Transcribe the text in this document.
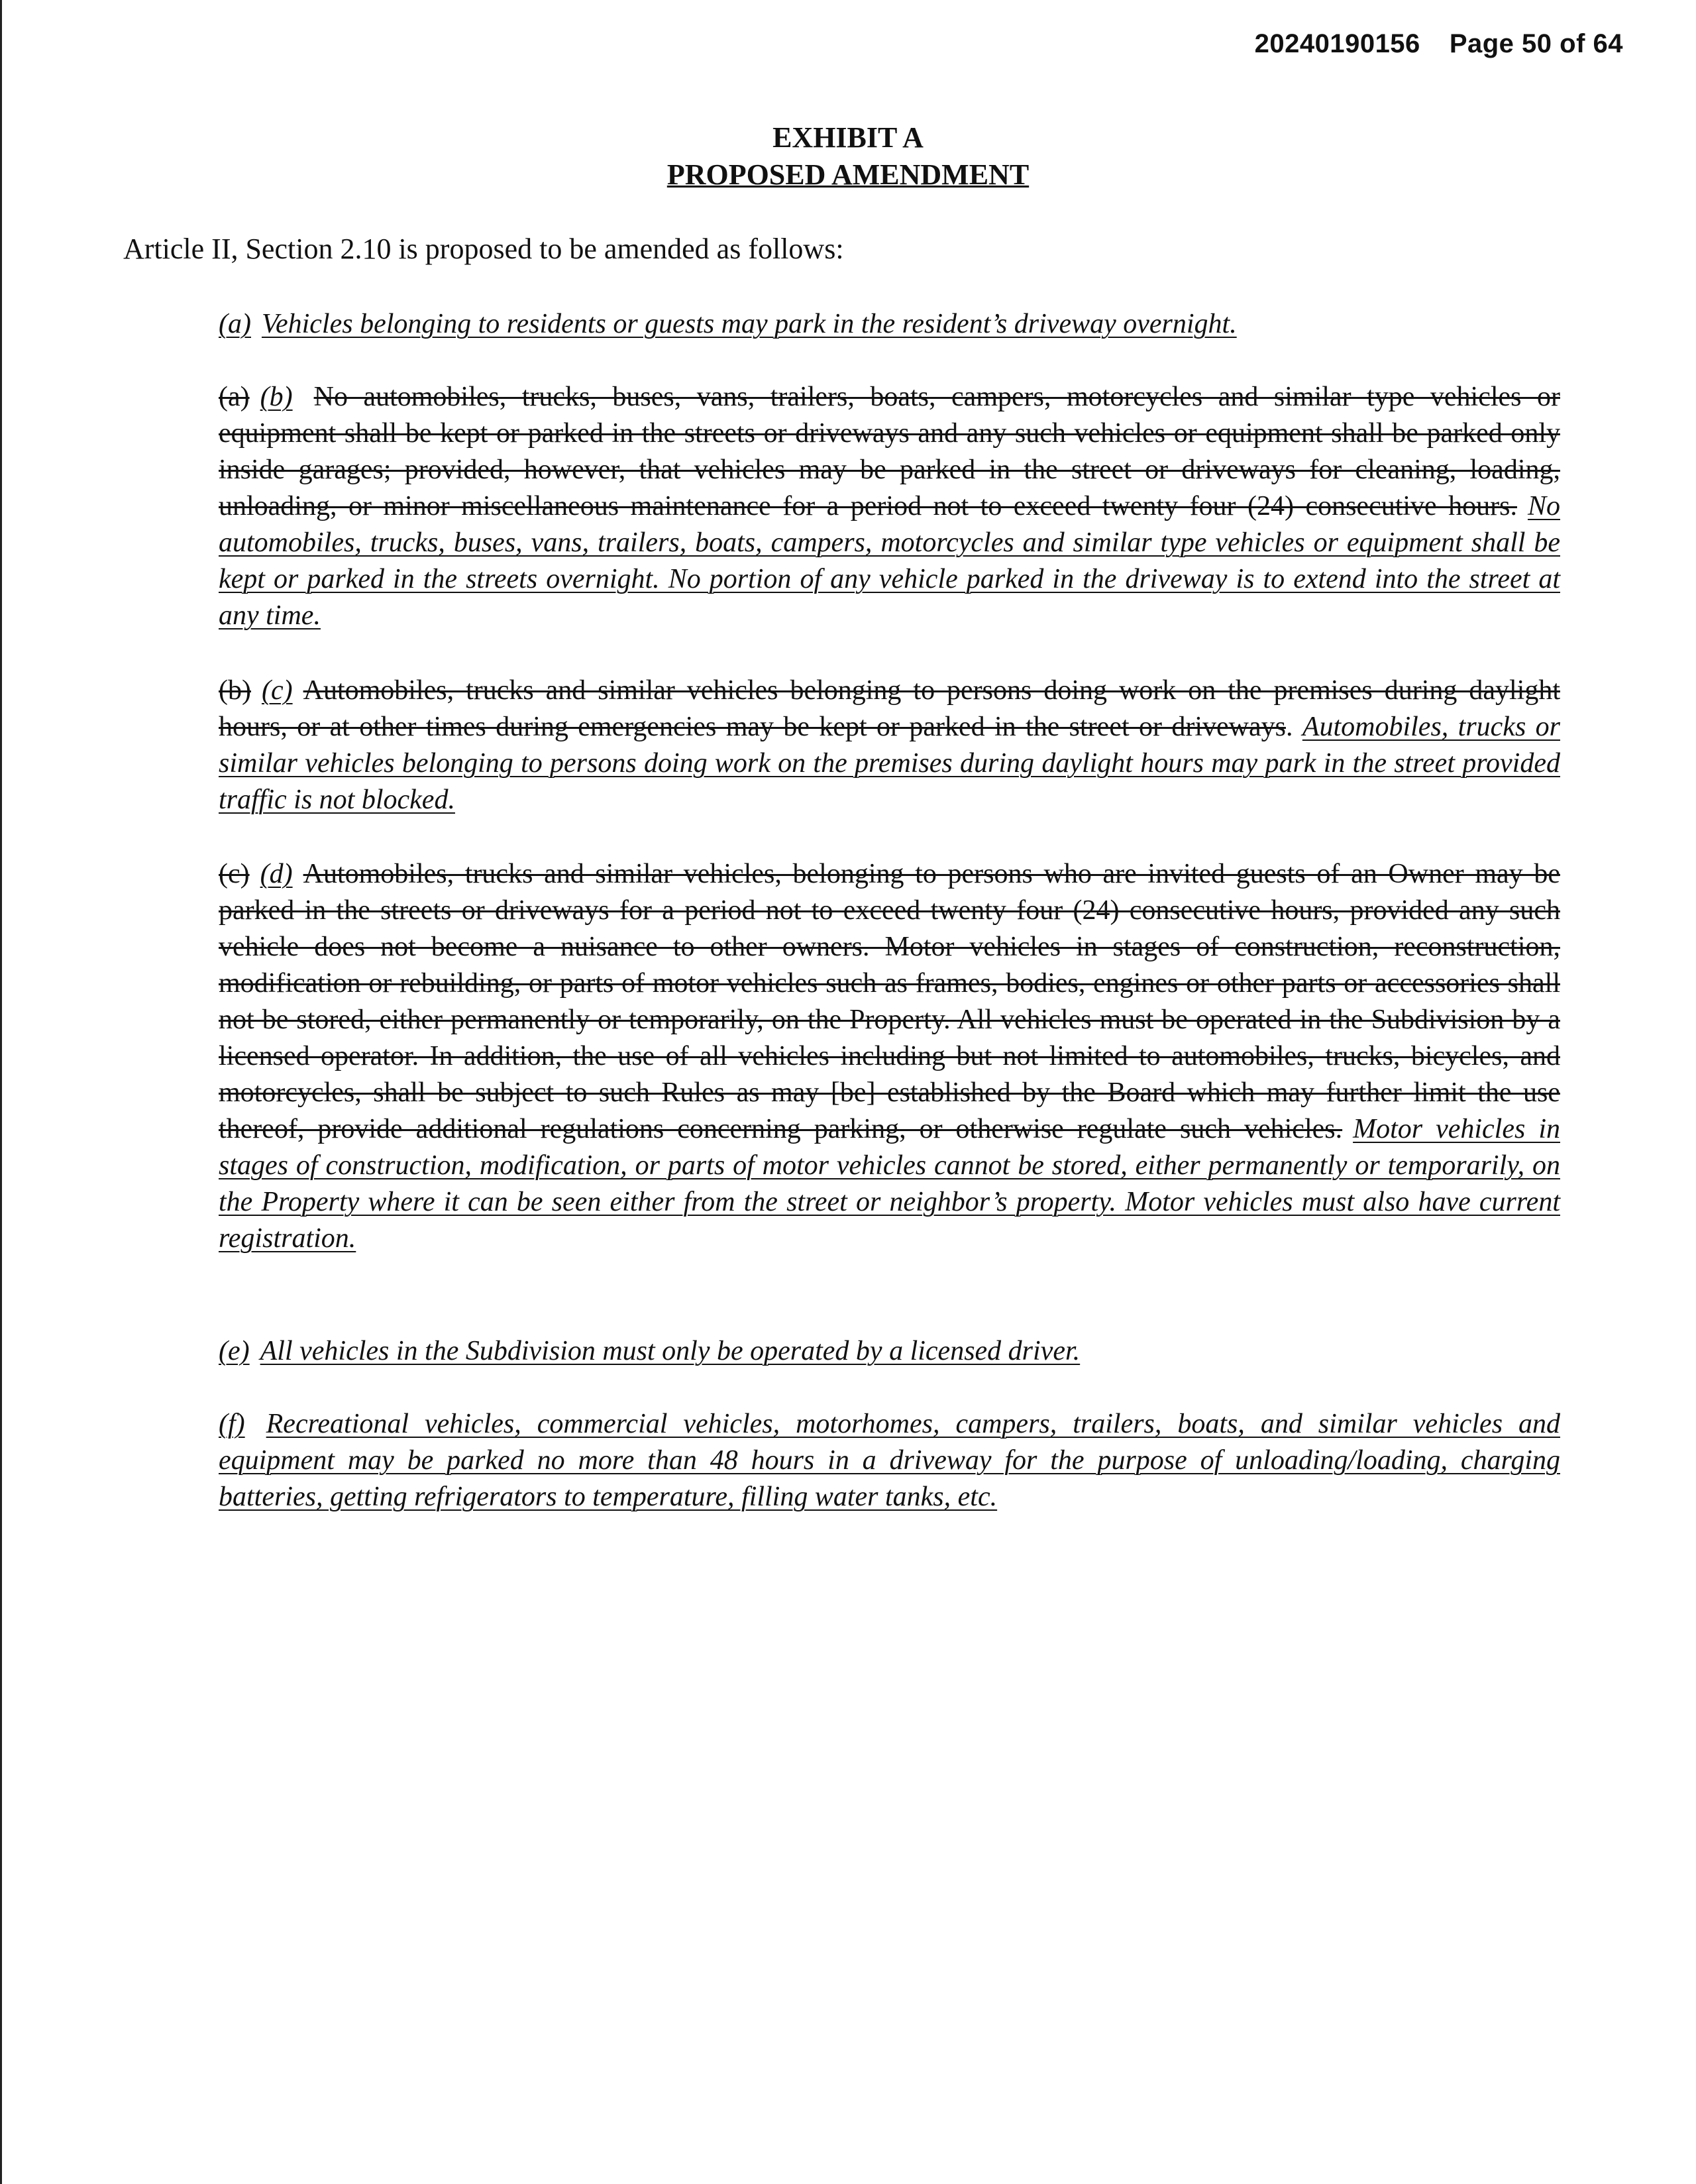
20240190156 Page 50 of 64
EXHIBIT A
PROPOSED AMENDMENT
Article II, Section 2.10 is proposed to be amended as follows:
(a) Vehicles belonging to residents or guests may park in the resident’s driveway overnight.
(a) (b) No automobiles, trucks, buses, vans, trailers, boats, campers, motorcycles and similar type vehicles or equipment shall be kept or parked in the streets or driveways and any such vehicles or equipment shall be parked only inside garages; provided, however, that vehicles may be parked in the street or driveways for cleaning, loading, unloading, or minor miscellaneous maintenance for a period not to exceed twenty four (24) consecutive hours. No automobiles, trucks, buses, vans, trailers, boats, campers, motorcycles and similar type vehicles or equipment shall be kept or parked in the streets overnight. No portion of any vehicle parked in the driveway is to extend into the street at any time.
(b) (c) Automobiles, trucks and similar vehicles belonging to persons doing work on the premises during daylight hours, or at other times during emergencies may be kept or parked in the street or driveways. Automobiles, trucks or similar vehicles belonging to persons doing work on the premises during daylight hours may park in the street provided traffic is not blocked.
(c) (d) Automobiles, trucks and similar vehicles, belonging to persons who are invited guests of an Owner may be parked in the streets or driveways for a period not to exceed twenty four (24) consecutive hours, provided any such vehicle does not become a nuisance to other owners. Motor vehicles in stages of construction, reconstruction, modification or rebuilding, or parts of motor vehicles such as frames, bodies, engines or other parts or accessories shall not be stored, either permanently or temporarily, on the Property. All vehicles must be operated in the Subdivision by a licensed operator. In addition, the use of all vehicles including but not limited to automobiles, trucks, bicycles, and motorcycles, shall be subject to such Rules as may [be] established by the Board which may further limit the use thereof, provide additional regulations concerning parking, or otherwise regulate such vehicles. Motor vehicles in stages of construction, modification, or parts of motor vehicles cannot be stored, either permanently or temporarily, on the Property where it can be seen either from the street or neighbor’s property. Motor vehicles must also have current registration.
(e) All vehicles in the Subdivision must only be operated by a licensed driver.
(f) Recreational vehicles, commercial vehicles, motorhomes, campers, trailers, boats, and similar vehicles and equipment may be parked no more than 48 hours in a driveway for the purpose of unloading/loading, charging batteries, getting refrigerators to temperature, filling water tanks, etc.
